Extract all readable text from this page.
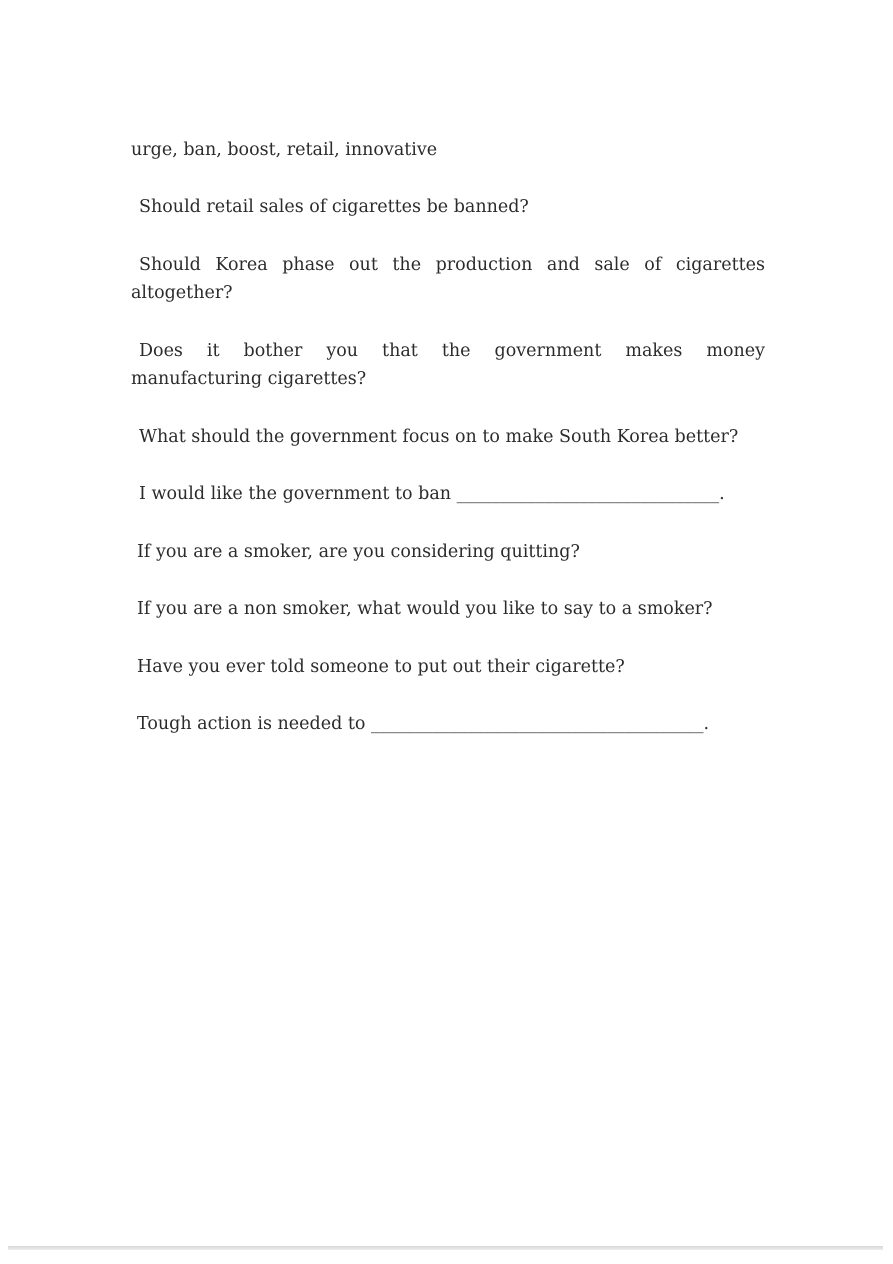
urge, ban, boost, retail, innovative
Should retail sales of cigarettes be banned?
Should Korea phase out the production and sale of cigarettes
altogether?
Does it bother you that the government makes money
manufacturing cigarettes?
What should the government focus on to make South Korea better?
I would like the government to ban ______________________________.
If you are a smoker, are you considering quitting?
If you are a non smoker, what would you like to say to a smoker?
Have you ever told someone to put out their cigarette?
Tough action is needed to ______________________________________.
